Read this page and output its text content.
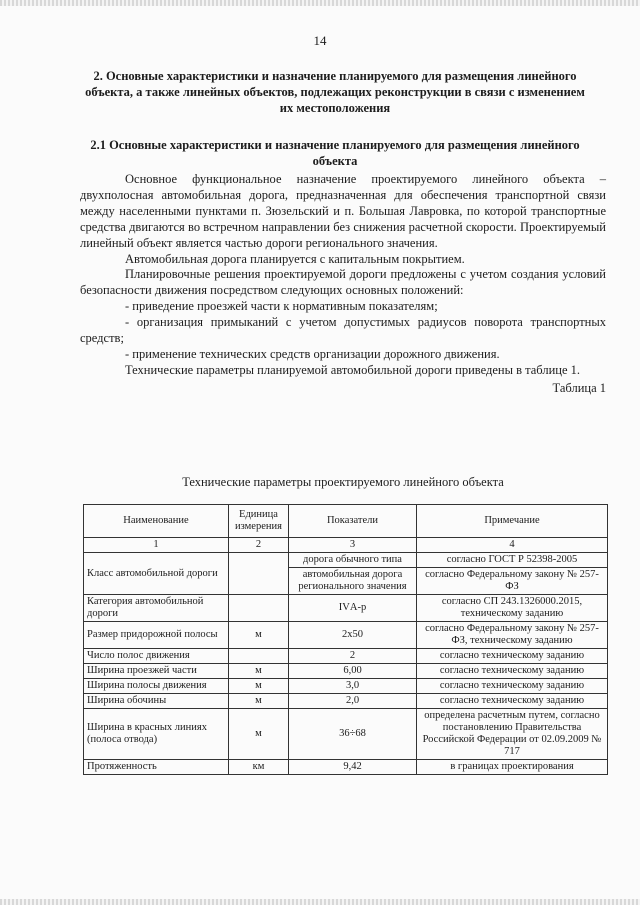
14
2. Основные характеристики и назначение планируемого для размещения линейного объекта, а также линейных объектов, подлежащих реконструкции в связи с изменением их местоположения
2.1 Основные характеристики и назначение планируемого для размещения линейного объекта

Основное функциональное назначение проектируемого линейного объекта – двухполосная автомобильная дорога, предназначенная для обеспечения транспортной связи между населенными пунктами п. Зюзельский и п. Большая Лавровка, по которой транспортные средства двигаются во встречном направлении без снижения расчетной скорости. Проектируемый линейный объект является частью дороги регионального значения.

Автомобильная дорога планируется с капитальным покрытием.

Планировочные решения проектируемой дороги предложены с учетом создания условий безопасности движения посредством следующих основных положений:

- приведение проезжей части к нормативным показателям;

- организация примыканий с учетом допустимых радиусов поворота транспортных средств;

- применение технических средств организации дорожного движения.

Технические параметры планируемой автомобильной дороги приведены в таблице 1.

Таблица 1

Технические параметры проектируемого линейного объекта
Наименование	Единица измерения	Показатели	Примечание
1	2	3	4
Класс автомобильной дороги		дорога обычного типа	согласно ГОСТ Р 52398-2005
		автомобильная дорога регионального значения	согласно Федеральному закону № 257-ФЗ
Категория автомобильной дороги		IVА-р	согласно СП 243.1326000.2015, техническому заданию
Размер придорожной полосы	м	2х50	согласно Федеральному закону № 257-ФЗ, техническому заданию
Число полос движения		2	согласно техническому заданию
Ширина проезжей части	м	6,00	согласно техническому заданию
Ширина полосы движения	м	3,0	согласно техническому заданию
Ширина обочины	м	2,0	согласно техническому заданию
Ширина в красных линиях (полоса отвода)	м	36÷68	определена расчетным путем, согласно постановлению Правительства Российской Федерации от 02.09.2009 № 717
Протяженность	км	9,42	в границах проектирования
